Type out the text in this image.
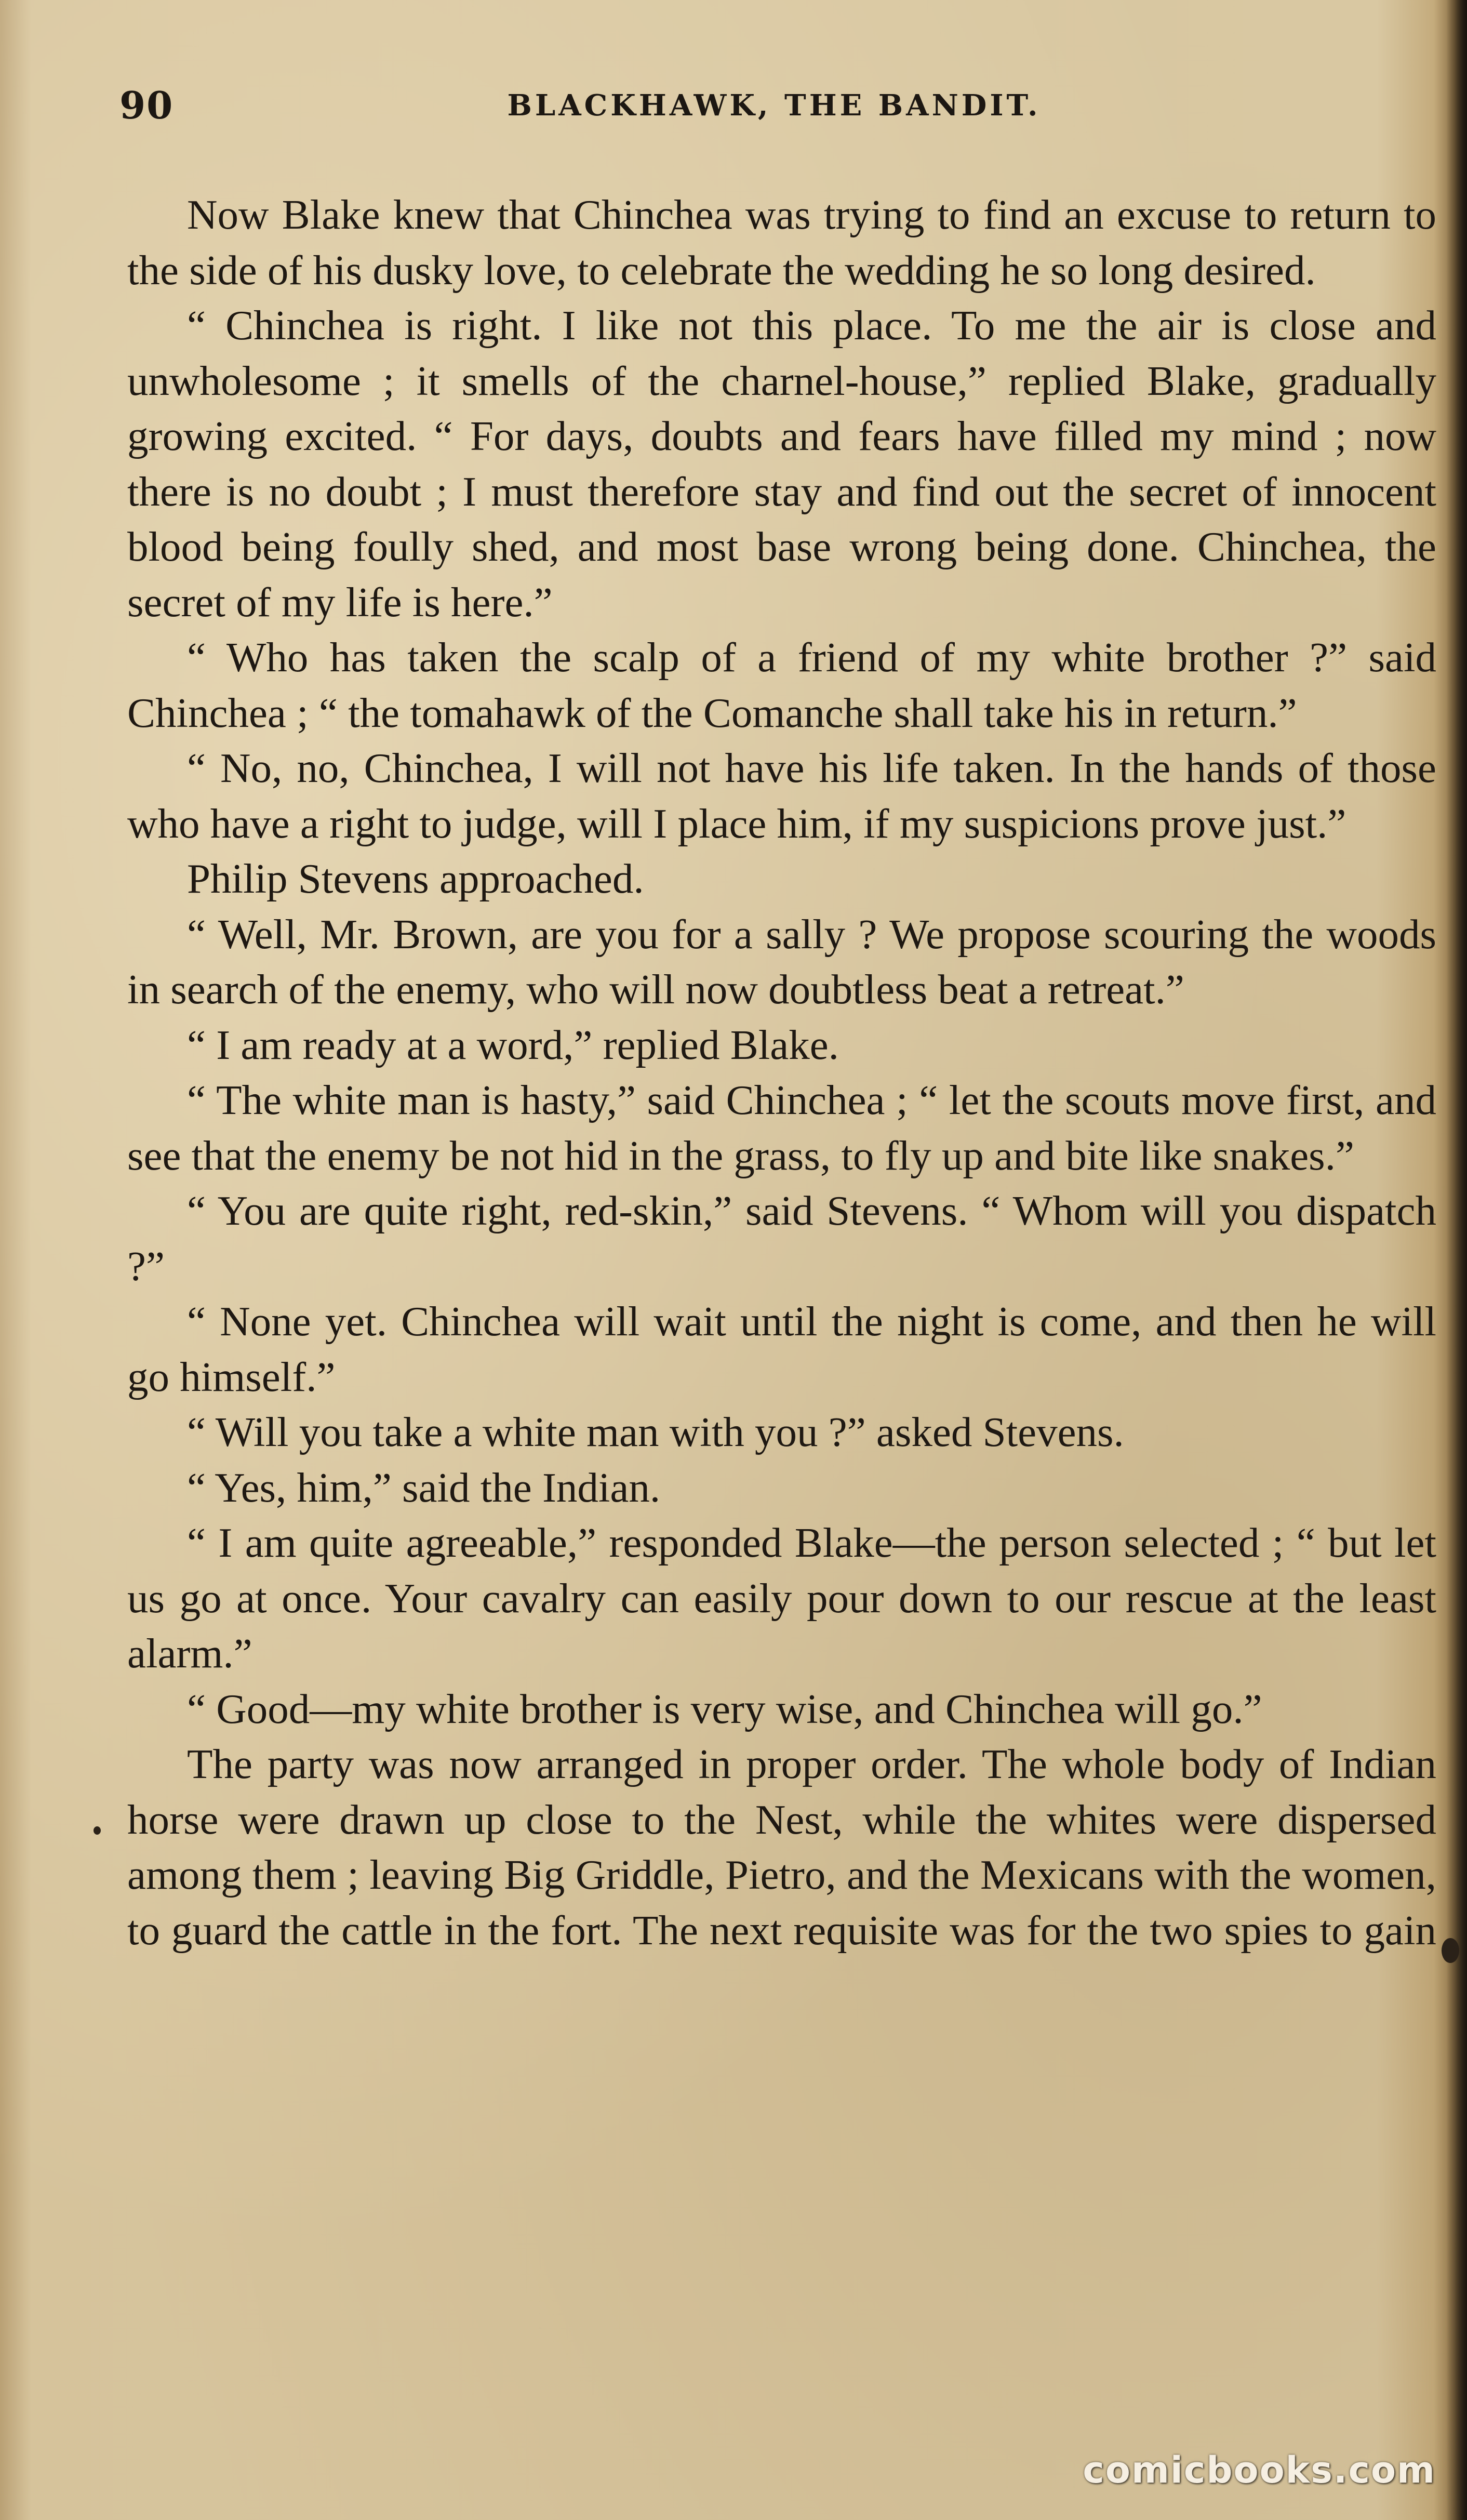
90	BLACKHAWK, THE BANDIT.

Now Blake knew that Chinchea was trying to find an excuse to return to the side of his dusky love, to celebrate the wedding he so long desired.

“ Chinchea is right. I like not this place. To me the air is close and unwholesome ; it smells of the charnel-house,” replied Blake, gradually growing excited. “ For days, doubts and fears have filled my mind ; now there is no doubt ; I must therefore stay and find out the secret of innocent blood being foully shed, and most base wrong being done. Chinchea, the secret of my life is here.”

“ Who has taken the scalp of a friend of my white brother ?” said Chinchea ; “ the tomahawk of the Comanche shall take his in return.”

“ No, no, Chinchea, I will not have his life taken. In the hands of those who have a right to judge, will I place him, if my suspicions prove just.”

Philip Stevens approached.

“ Well, Mr. Brown, are you for a sally ? We propose scouring the woods in search of the enemy, who will now doubtless beat a retreat.”

“ I am ready at a word,” replied Blake.

“ The white man is hasty,” said Chinchea ; “ let the scouts move first, and see that the enemy be not hid in the grass, to fly up and bite like snakes.”

“ You are quite right, red-skin,” said Stevens. “ Whom will you dispatch ?”

“ None yet. Chinchea will wait until the night is come, and then he will go himself.”

“ Will you take a white man with you ?” asked Stevens.

“ Yes, him,” said the Indian.

“ I am quite agreeable,” responded Blake—the person selected ; “ but let us go at once. Your cavalry can easily pour down to our rescue at the least alarm.”

“ Good—my white brother is very wise, and Chinchea will go.”

The party was now arranged in proper order. The whole body of Indian horse were drawn up close to the Nest, while the whites were dispersed among them ; leaving Big Griddle, Pietro, and the Mexicans with the women, to guard the cattle in the fort. The next requisite was for the two spies to gain

comicbooks.com
